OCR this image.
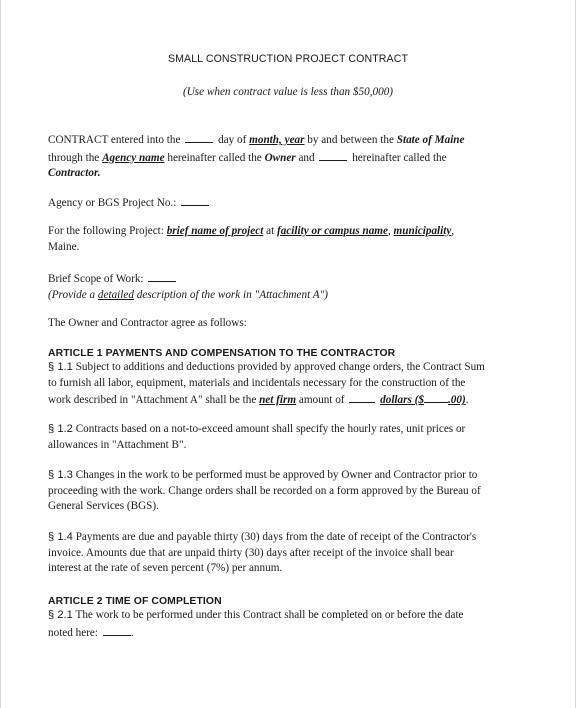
SMALL CONSTRUCTION PROJECT CONTRACT
(Use when contract value is less than $50,000)
CONTRACT entered into the	day of month, year by and between the State of Maine
through the Agency name hereinafter called the Owner and	hereinafter called the
Contractor.
Agency or BGS Project No.:
For the following Project: brief name of project at facility or campus name, municipality,
Maine.
Brief Scope of Work:
(Provide a detailed description of the work in "Attachment A")
The Owner and Contractor agree as follows:
ARTICLE 1 PAYMENTS AND COMPENSATION TO THE CONTRACTOR
§ 1.1 Subject to additions and deductions provided by approved change orders, the Contract Sum
to furnish all labor, equipment, materials and incidentals necessary for the construction of the
work described in "Attachment A" shall be the net firm amount of	dollars ($ .00).
§ 1.2 Contracts based on a not-to-exceed amount shall specify the hourly rates, unit prices or
allowances in "Attachment B".
§ 1.3 Changes in the work to be performed must be approved by Owner and Contractor prior to
proceeding with the work. Change orders shall be recorded on a form approved by the Bureau of
General Services (BGS).
§ 1.4 Payments are due and payable thirty (30) days from the date of receipt of the Contractor's
invoice. Amounts due that are unpaid thirty (30) days after receipt of the invoice shall bear
interest at the rate of seven percent (7%) per annum.
ARTICLE 2 TIME OF COMPLETION
§ 2.1 The work to be performed under this Contract shall be completed on or before the date
noted here:	.
